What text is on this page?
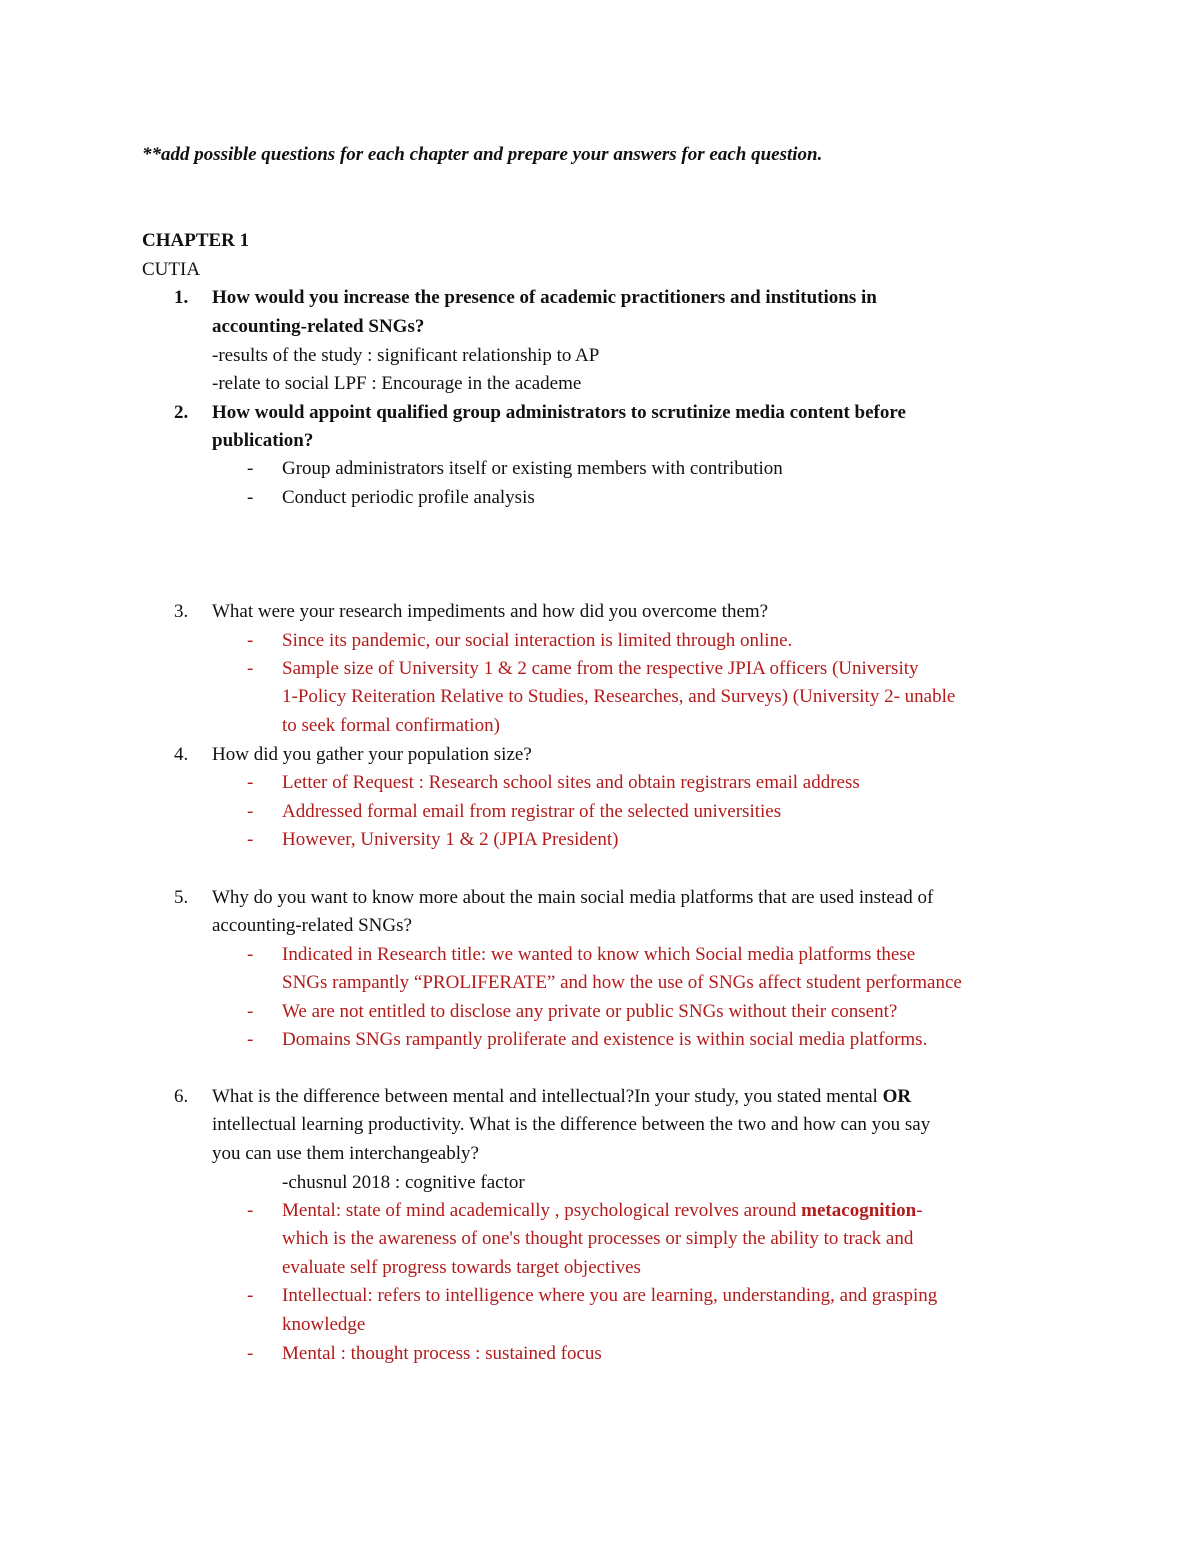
**add possible questions for each chapter and prepare your answers for each question.
CHAPTER 1
CUTIA
1. How would you increase the presence of academic practitioners and institutions in
accounting-related SNGs?
-results of the study : significant relationship to AP
-relate to social LPF : Encourage in the academe
2. How would appoint qualified group administrators to scrutinize media content before
publication?
- Group administrators itself or existing members with contribution
- Conduct periodic profile analysis
3. What were your research impediments and how did you overcome them?
- Since its pandemic, our social interaction is limited through online.
- Sample size of University 1 & 2 came from the respective JPIA officers (University
1-Policy Reiteration Relative to Studies, Researches, and Surveys) (University 2- unable
to seek formal confirmation)
4. How did you gather your population size?
- Letter of Request : Research school sites and obtain registrars email address
- Addressed formal email from registrar of the selected universities
- However, University 1 & 2 (JPIA President)
5. Why do you want to know more about the main social media platforms that are used instead of
accounting-related SNGs?
- Indicated in Research title: we wanted to know which Social media platforms these
SNGs rampantly “PROLIFERATE” and how the use of SNGs affect student performance
- We are not entitled to disclose any private or public SNGs without their consent?
- Domains SNGs rampantly proliferate and existence is within social media platforms.
6. What is the difference between mental and intellectual?In your study, you stated mental OR
intellectual learning productivity. What is the difference between the two and how can you say
you can use them interchangeably?
-chusnul 2018 : cognitive factor
- Mental: state of mind academically , psychological revolves around metacognition-
which is the awareness of one's thought processes or simply the ability to track and
evaluate self progress towards target objectives
- Intellectual: refers to intelligence where you are learning, understanding, and grasping
knowledge
- Mental : thought process : sustained focus
